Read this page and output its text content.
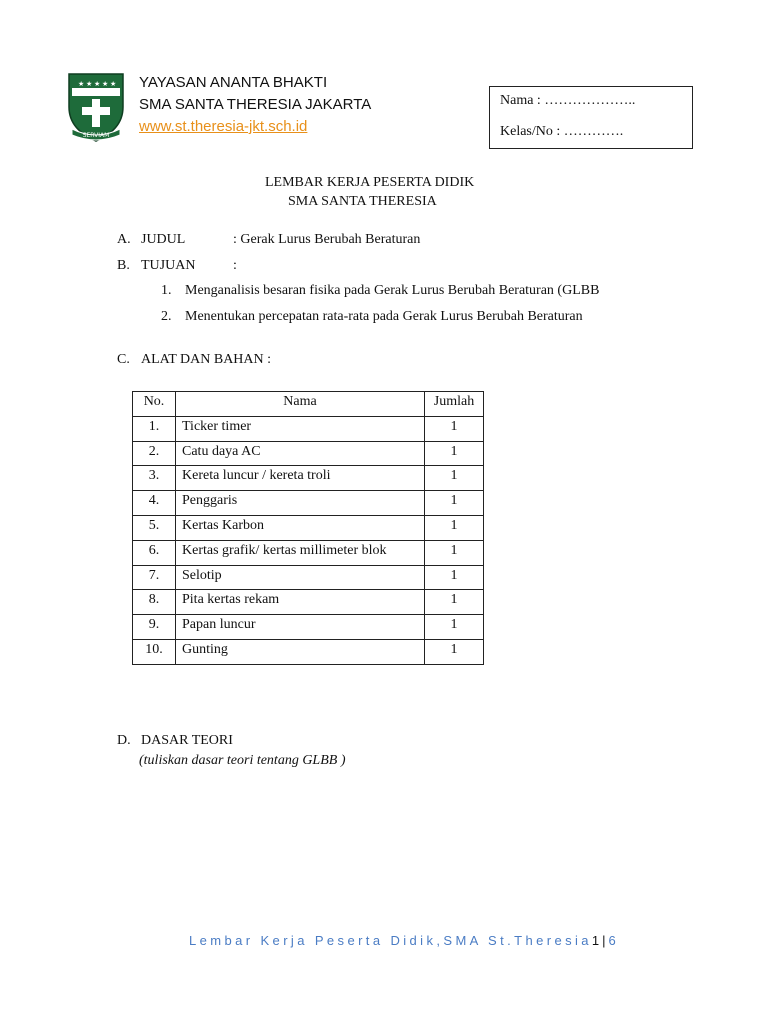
★ ★ ★ ★ ★
SERVIAM
YAYASAN ANANTA BHAKTI
SMA SANTA THERESIA JAKARTA
www.st.theresia-jkt.sch.id
Nama : ………………..
Kelas/No : ………….
LEMBAR KERJA PESERTA DIDIK
SMA SANTA THERESIA
A. JUDUL	: Gerak Lurus Berubah Beraturan
B. TUJUAN	:
1. Menganalisis besaran fisika pada Gerak Lurus Berubah Beraturan (GLBB
2. Menentukan percepatan rata-rata pada Gerak Lurus Berubah Beraturan
C. ALAT DAN BAHAN :
No.	Nama	Jumlah
1.	Ticker timer	1
2.	Catu daya AC	1
3.	Kereta luncur / kereta troli	1
4.	Penggaris	1
5.	Kertas Karbon	1
6.	Kertas grafik/ kertas millimeter blok	1
7.	Selotip	1
8.	Pita kertas rekam	1
9.	Papan luncur	1
10.	Gunting	1
D. DASAR TEORI
(tuliskan dasar teori tentang GLBB )
Lembar Kerja Peserta Didik,SMA St.Theresia1 | 6
